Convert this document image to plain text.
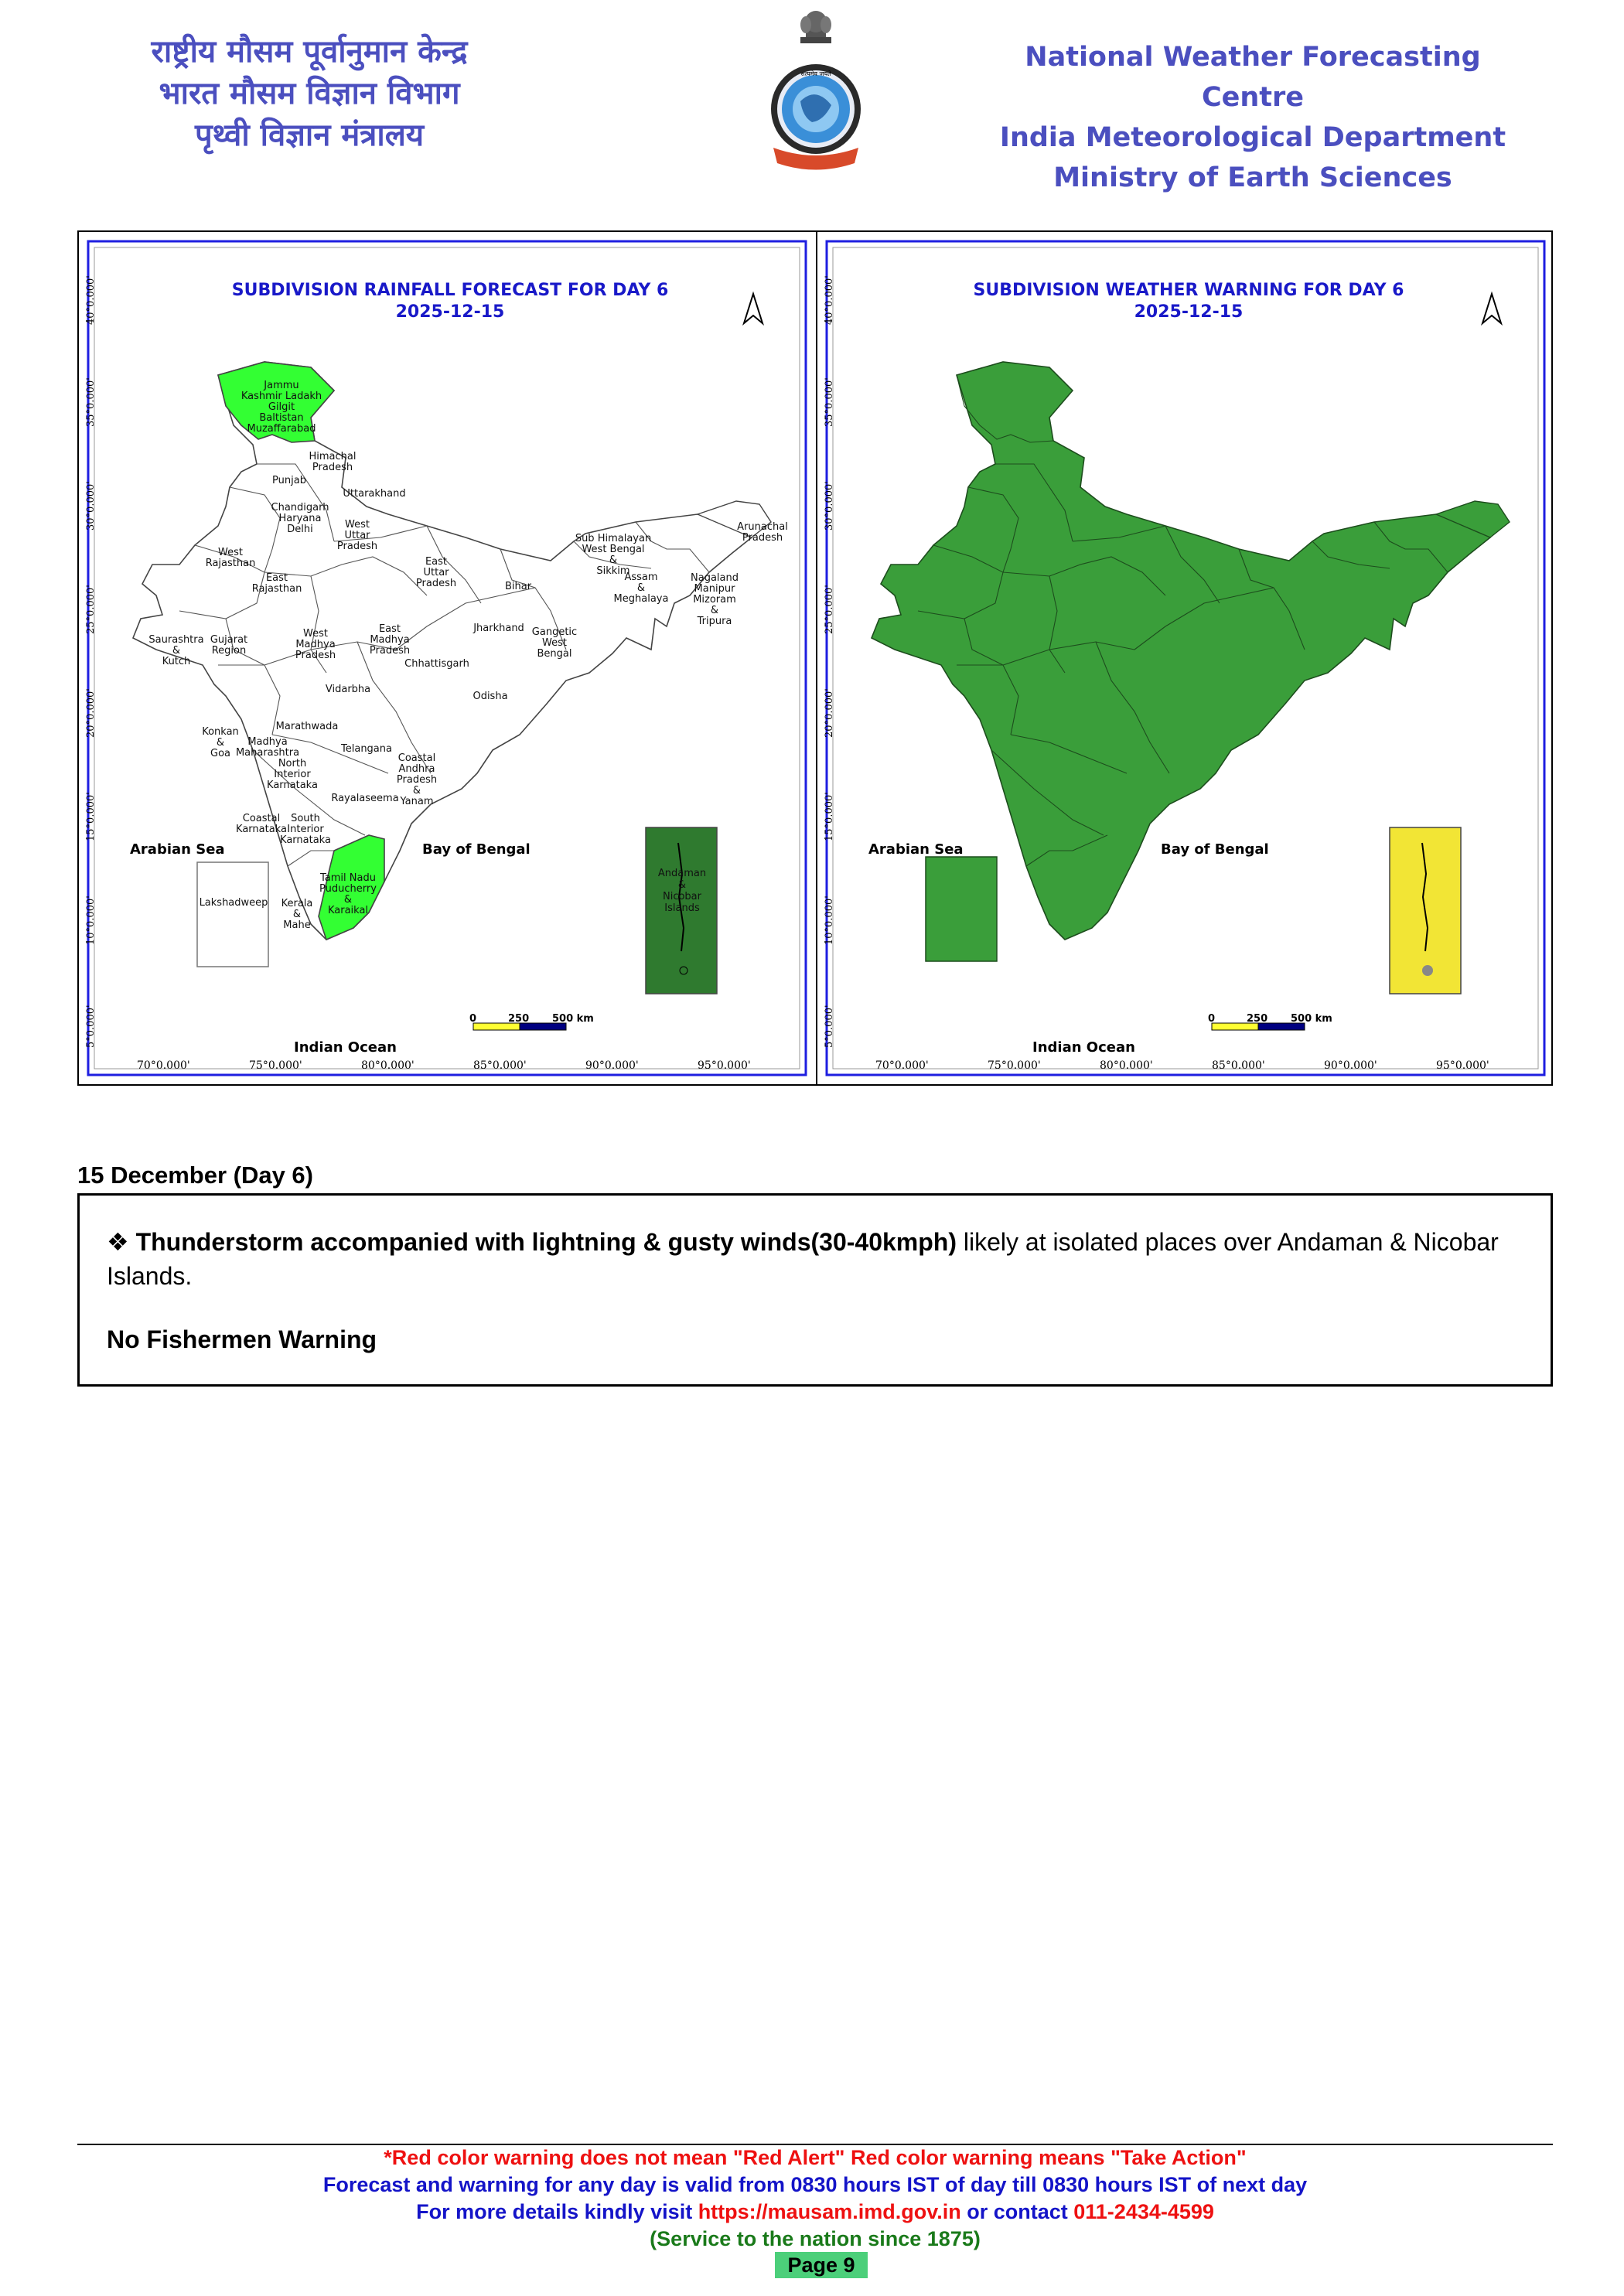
राष्ट्रीय मौसम पूर्वानुमान केन्द्र
भारत मौसम विज्ञान विभाग
पृथ्वी विज्ञान मंत्रालय
सत्यमेव जयते
National Weather Forecasting Centre
India Meteorological Department
Ministry of Earth Sciences
SUBDIVISION RAINFALL FORECAST FOR DAY 6
2025-12-15
Arabian Sea	Bay of Bengal
Indian Ocean
0	250 500 km
Lakshadweep
Andaman
&
Nicobar
Islands
70°0.000'	75°0.000'	80°0.000'	85°0.000'	90°0.000'	95°0.000'
40°0.000'
35°0.000'
30°0.000'
25°0.000'
20°0.000'
15°0.000'
10°0.000'
5°0.000'
Jammu
Kashmir Ladakh
Gilgit
Baltistan
Muzaffarabad
Himachal
Pradesh
Punjab
Uttarakhand
Chandigarh
Haryana
Delhi	West
Uttar
Pradesh
West
Rajasthan
East
Rajasthan
East
Uttar
Pradesh	Bihar
Sub Himalayan
West Bengal
&
Sikkim
Arunachal
Pradesh
Assam
&
Meghalaya
Nagaland
Manipur
Mizoram
&
Tripura
Saurashtra
&
Kutch
Gujarat
Region
West
Madhya
Pradesh
East
Madhya
Pradesh
Jharkhand Gangetic
West
Bengal
Chhattisgarh
Vidarbha
Odisha
Konkan
&
Goa
Madhya
Maharashtra
Marathwada
North
Interior
Karnataka
Telangana
Coastal
Andhra
Pradesh
&
Yanam
Rayalaseema
Coastal
Karnataka
South
Interior
Karnataka
Tamil Nadu
Puducherry
&
Karaikal
Kerala
&
Mahe
SUBDIVISION WEATHER WARNING FOR DAY 6
2025-12-15
Arabian Sea	Bay of Bengal
Indian Ocean
0	250 500 km
70°0.000'	75°0.000'	80°0.000'	85°0.000'	90°0.000'	95°0.000'
40°0.000'
35°0.000'
30°0.000'
25°0.000'
20°0.000'
15°0.000'
10°0.000'
5°0.000'
15 December (Day 6)
❖ Thunderstorm accompanied with lightning & gusty winds(30-40kmph) likely at isolated places over Andaman & Nicobar Islands.
No Fishermen Warning
*Red color warning does not mean "Red Alert" Red color warning means "Take Action"
Forecast and warning for any day is valid from 0830 hours IST of day till 0830 hours IST of next day
For more details kindly visit https://mausam.imd.gov.in or contact 011-2434-4599
(Service to the nation since 1875)
Page 9
